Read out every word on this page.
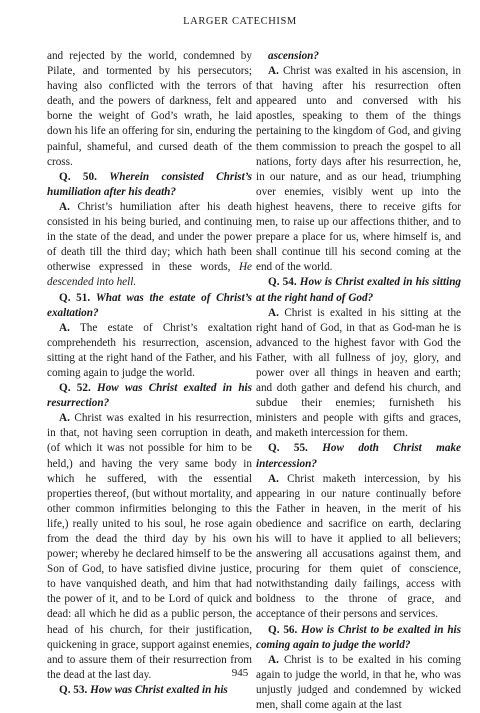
LARGER CATECHISM

and rejected by the world, condemned by Pilate, and tormented by his persecutors; having also conflicted with the terrors of death, and the powers of darkness, felt and borne the weight of God’s wrath, he laid down his life an offering for sin, enduring the painful, shameful, and cursed death of the cross.

Q. 50. Wherein consisted Christ’s humiliation after his death?

A. Christ’s humiliation after his death consisted in his being buried, and continuing in the state of the dead, and under the power of death till the third day; which hath been otherwise expressed in these words, He descended into hell.

Q. 51. What was the estate of Christ’s exaltation?

A. The estate of Christ’s exaltation comprehendeth his resurrection, ascension, sitting at the right hand of the Father, and his coming again to judge the world.

Q. 52. How was Christ exalted in his resurrection?

A. Christ was exalted in his resurrection, in that, not having seen corruption in death, (of which it was not possible for him to be held,) and having the very same body in which he suffered, with the essential properties thereof, (but without mortality, and other common infirmities belonging to this life,) really united to his soul, he rose again from the dead the third day by his own power; whereby he declared himself to be the Son of God, to have satisfied divine justice, to have vanquished death, and him that had the power of it, and to be Lord of quick and dead: all which he did as a public person, the head of his church, for their justification, quickening in grace, support against enemies, and to assure them of their resurrection from the dead at the last day.

Q. 53. How was Christ exalted in his

ascension?

A. Christ was exalted in his ascension, in that having after his resurrection often appeared unto and conversed with his apostles, speaking to them of the things pertaining to the kingdom of God, and giving them commission to preach the gospel to all nations, forty days after his resurrection, he, in our nature, and as our head, triumphing over enemies, visibly went up into the highest heavens, there to receive gifts for men, to raise up our affections thither, and to prepare a place for us, where himself is, and shall continue till his second coming at the end of the world.

Q. 54. How is Christ exalted in his sitting at the right hand of God?

A. Christ is exalted in his sitting at the right hand of God, in that as God-man he is advanced to the highest favor with God the Father, with all fullness of joy, glory, and power over all things in heaven and earth; and doth gather and defend his church, and subdue their enemies; furnisheth his ministers and people with gifts and graces, and maketh intercession for them.

Q. 55. How doth Christ make intercession?

A. Christ maketh intercession, by his appearing in our nature continually before the Father in heaven, in the merit of his obedience and sacrifice on earth, declaring his will to have it applied to all believers; answering all accusations against them, and procuring for them quiet of conscience, notwithstanding daily failings, access with boldness to the throne of grace, and acceptance of their persons and services.

Q. 56. How is Christ to be exalted in his coming again to judge the world?

A. Christ is to be exalted in his coming again to judge the world, in that he, who was unjustly judged and condemned by wicked men, shall come again at the last

945
